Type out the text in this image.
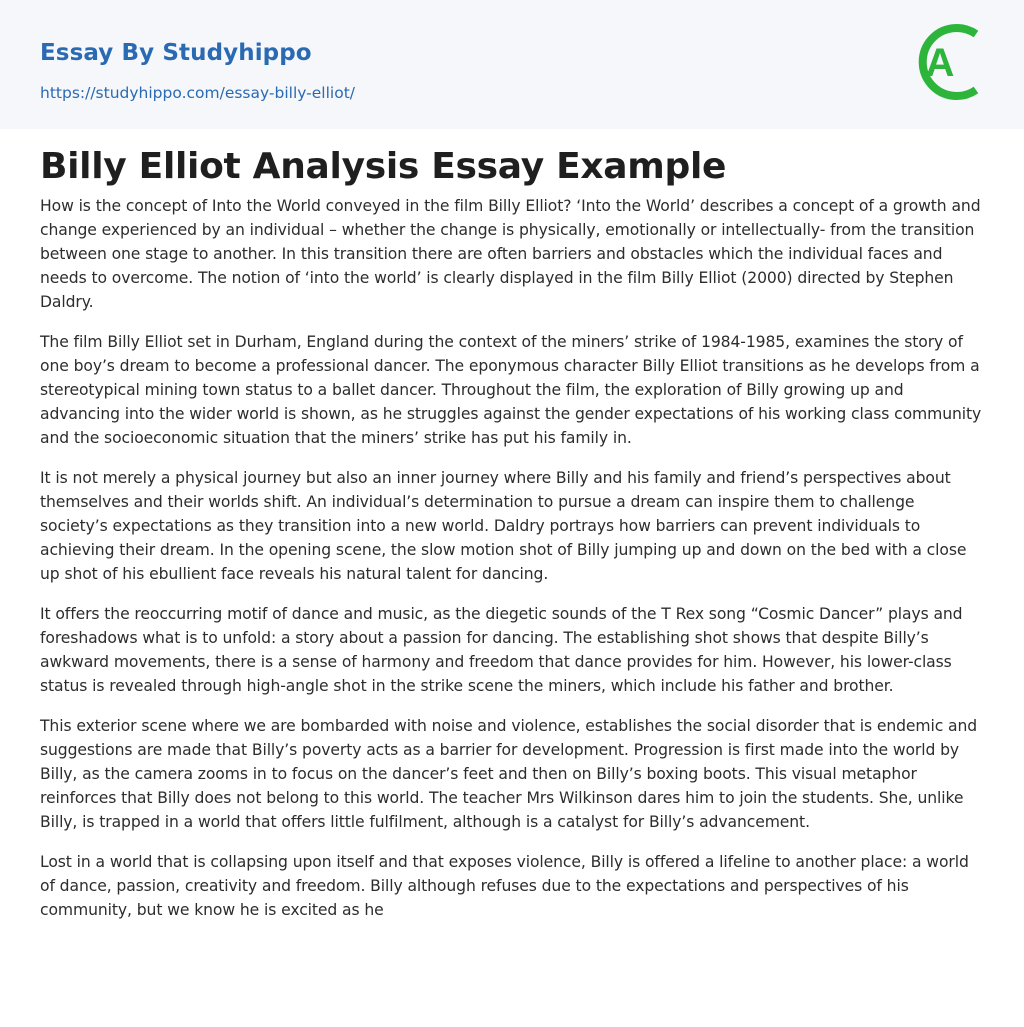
Essay By Studyhippo
https://studyhippo.com/essay-billy-elliot/
A
Billy Elliot Analysis Essay Example

How is the concept of Into the World conveyed in the film Billy Elliot? ‘Into the World’ describes a concept of a growth and change experienced by an individual – whether the change is physically, emotionally or intellectually- from the transition between one stage to another. In this transition there are often barriers and obstacles which the individual faces and needs to overcome. The notion of ‘into the world’ is clearly displayed in the film Billy Elliot (2000) directed by Stephen Daldry.

The film Billy Elliot set in Durham, England during the context of the miners’ strike of 1984-1985, examines the story of one boy’s dream to become a professional dancer. The eponymous character Billy Elliot transitions as he develops from a stereotypical mining town status to a ballet dancer. Throughout the film, the exploration of Billy growing up and advancing into the wider world is shown, as he struggles against the gender expectations of his working class community and the socioeconomic situation that the miners’ strike has put his family in.

It is not merely a physical journey but also an inner journey where Billy and his family and friend’s perspectives about themselves and their worlds shift. An individual’s determination to pursue a dream can inspire them to challenge society’s expectations as they transition into a new world. Daldry portrays how barriers can prevent individuals to achieving their dream. In the opening scene, the slow motion shot of Billy jumping up and down on the bed with a close up shot of his ebullient face reveals his natural talent for dancing.

It offers the reoccurring motif of dance and music, as the diegetic sounds of the T Rex song “Cosmic Dancer” plays and foreshadows what is to unfold: a story about a passion for dancing. The establishing shot shows that despite Billy’s awkward movements, there is a sense of harmony and freedom that dance provides for him. However, his lower-class status is revealed through high-angle shot in the strike scene the miners, which include his father and brother.

This exterior scene where we are bombarded with noise and violence, establishes the social disorder that is endemic and suggestions are made that Billy’s poverty acts as a barrier for development. Progression is first made into the world by Billy, as the camera zooms in to focus on the dancer’s feet and then on Billy’s boxing boots. This visual metaphor reinforces that Billy does not belong to this world. The teacher Mrs Wilkinson dares him to join the students. She, unlike Billy, is trapped in a world that offers little fulfilment, although is a catalyst for Billy’s advancement.

Lost in a world that is collapsing upon itself and that exposes violence, Billy is offered a lifeline to another place: a world of dance, passion, creativity and freedom. Billy although refuses due to the expectations and perspectives of his community, but we know he is excited as he
